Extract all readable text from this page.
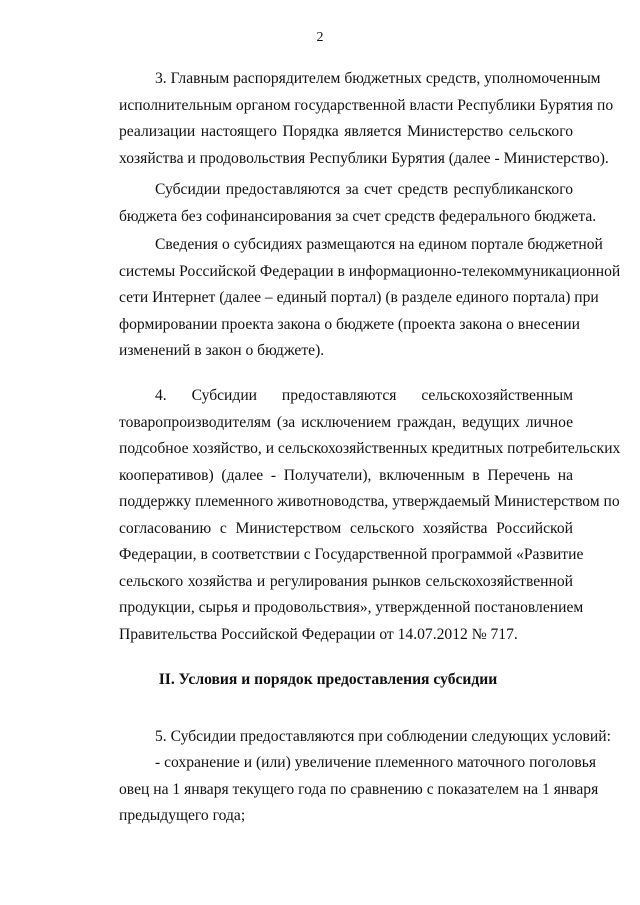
2
3. Главным распорядителем бюджетных средств, уполномоченным
исполнительным органом государственной власти Республики Бурятия по
реализации настоящего Порядка является Министерство сельского
хозяйства и продовольствия Республики Бурятия (далее - Министерство).
Субсидии предоставляются за счет средств республиканского
бюджета без софинансирования за счет средств федерального бюджета.
Сведения о субсидиях размещаются на едином портале бюджетной
системы Российской Федерации в информационно-телекоммуникационной
сети Интернет (далее – единый портал) (в разделе единого портала) при
формировании проекта закона о бюджете (проекта закона о внесении
изменений в закон о бюджете).
4. Субсидии предоставляются сельскохозяйственным
товаропроизводителям (за исключением граждан, ведущих личное
подсобное хозяйство, и сельскохозяйственных кредитных потребительских
кооперативов) (далее - Получатели), включенным в Перечень на
поддержку племенного животноводства, утверждаемый Министерством по
согласованию с Министерством сельского хозяйства Российской
Федерации, в соответствии с Государственной программой «Развитие
сельского хозяйства и регулирования рынков сельскохозяйственной
продукции, сырья и продовольствия», утвержденной постановлением
Правительства Российской Федерации от 14.07.2012 № 717.
II. Условия и порядок предоставления субсидии
5. Субсидии предоставляются при соблюдении следующих условий:
- сохранение и (или) увеличение племенного маточного поголовья
овец на 1 января текущего года по сравнению с показателем на 1 января
предыдущего года;
